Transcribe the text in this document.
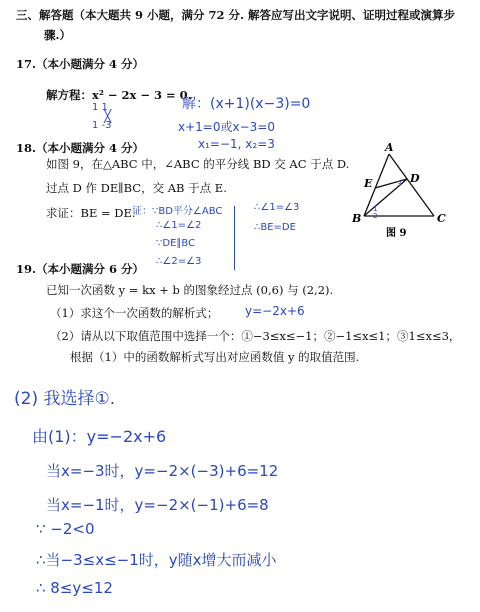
三、解答题（本大题共 9 小题，满分 72 分. 解答应写出文字说明、证明过程或演算步
骤.）
17.（本小题满分 4 分）
解方程：x² − 2x − 3 = 0.
1 1
╳
1 -3
解：(x+1)(x−3)=0
x+1=0或x−3=0
x₁=−1, x₂=3
18.（本小题满分 4 分）
如图 9，在△ABC 中，∠ABC 的平分线 BD 交 AC 于点 D.
过点 D 作 DE∥BC，交 AB 于点 E.
求证：BE = DE.
证：∵BD平分∠ABC
∴∠1=∠2
∵DE∥BC
∴∠2=∠3
∴∠1=∠3
∴BE=DE
A
B	C
D
E
1
2
3
图 9
19.（本小题满分 6 分）
已知一次函数 y = kx + b 的图象经过点 (0,6) 与 (2,2).
（1）求这个一次函数的解析式； y=−2x+6
（2）请从以下取值范围中选择一个：①−3≤x≤−1；②−1≤x≤1；③1≤x≤3，
根据（1）中的函数解析式写出对应函数值 y 的取值范围.
(2) 我选择①.
由(1)：y=−2x+6
当x=−3时，y=−2×(−3)+6=12
当x=−1时，y=−2×(−1)+6=8
∵ −2<0
∴当−3≤x≤−1时，y随x增大而减小
∴ 8≤y≤12
